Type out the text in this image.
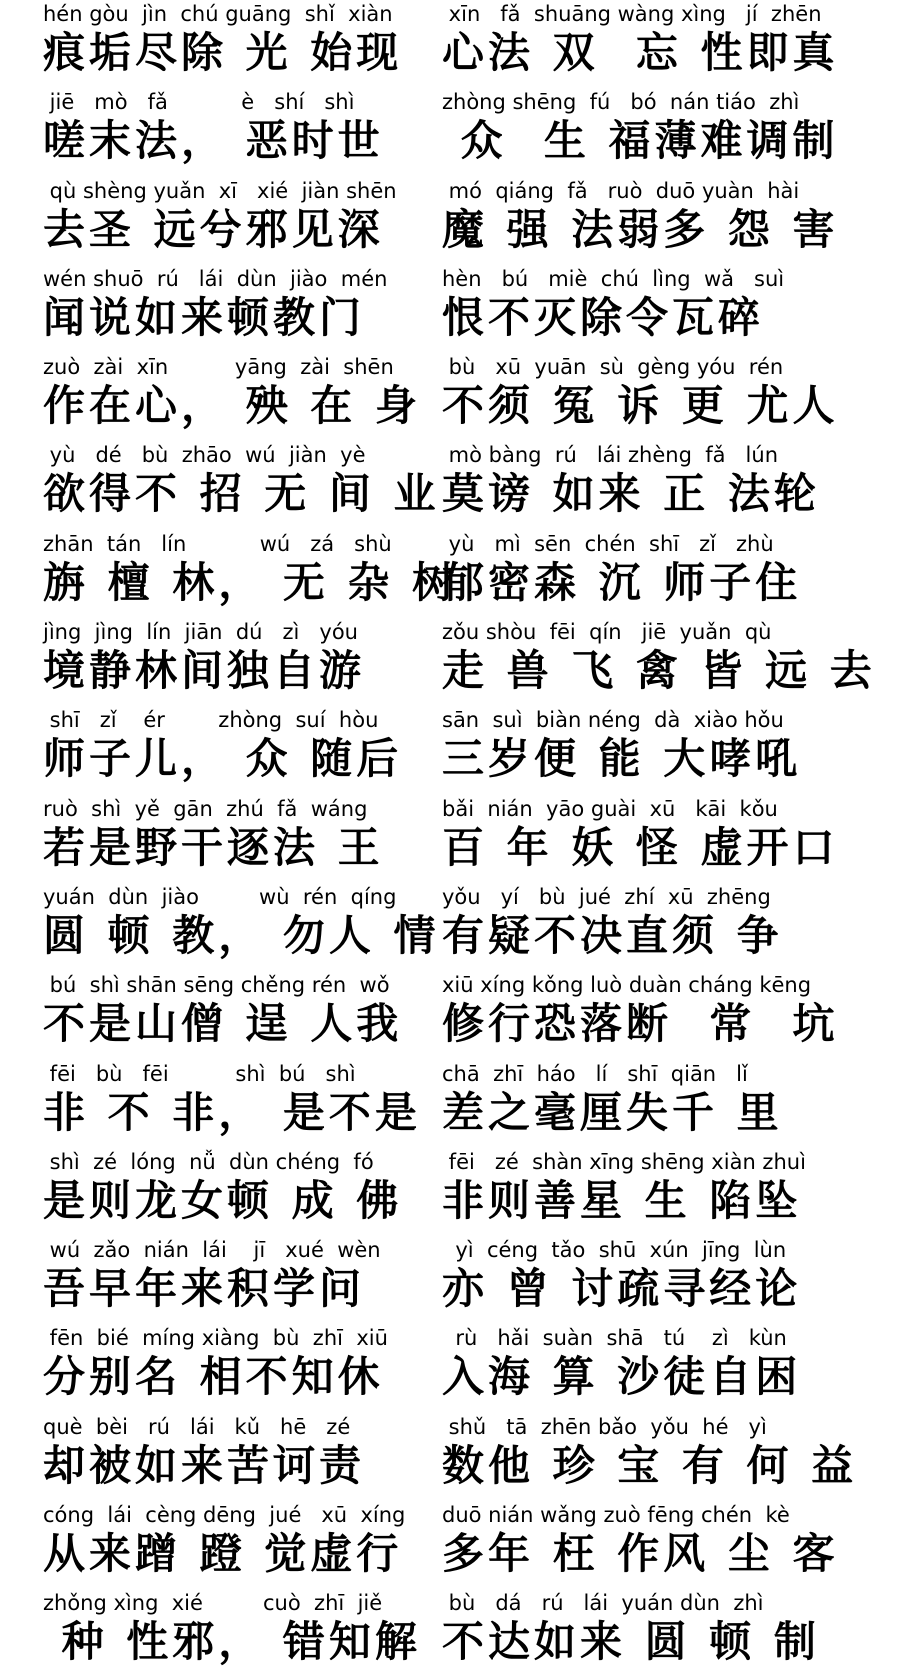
hén gòu  jìn  chú guāng  shǐ  xiàn
痕垢尽除 光 始现
jiē   mò   fǎ           è   shí   shì
嗟末法， 恶时世
qù shèng yuǎn  xī   xié  jiàn shēn
去圣 远兮邪见深
wén shuō  rú   lái  dùn  jiào  mén
闻说如来顿教门
zuò  zài  xīn          yāng  zài  shēn
作在心， 殃 在 身
yù   dé   bù  zhāo  wú  jiàn  yè
欲得不 招 无 间 业
zhān  tán   lín           wú   zá   shù
旃 檀 林， 无 杂 树
jìng  jìng  lín  jiān  dú   zì   yóu
境静林间独自游
shī   zǐ    ér        zhòng  suí  hòu
师子儿， 众 随后
ruò  shì  yě  gān  zhú  fǎ  wáng
若是野干逐法 王
yuán  dùn  jiào         wù  rén  qíng
圆 顿 教， 勿人 情
bú  shì shān sēng chěng rén  wǒ
不是山僧 逞 人我
fēi   bù   fēi          shì  bú   shì
非 不 非， 是不是
shì  zé  lóng  nǚ  dùn chéng  fó
是则龙女顿 成 佛
wú  zǎo  nián  lái    jī   xué  wèn
吾早年来积学问
fēn  bié  míng xiàng  bù  zhī  xiū
分别名 相不知休
què  bèi   rú   lái   kǔ   hē   zé
却被如来苦诃责
cóng  lái  cèng dēng  jué   xū  xíng
从来蹭 蹬 觉虚行
zhǒng xìng  xié         cuò  zhī  jiě
种 性邪， 错知解
xīn   fǎ  shuāng wàng xìng   jí  zhēn
心法 双  忘 性即真
zhòng shēng  fú   bó  nán tiáo  zhì
众  生 福薄难调制
mó  qiáng  fǎ   ruò  duō yuàn  hài
魔 强 法弱多 怨 害
hèn   bú   miè  chú  lìng  wǎ   suì
恨不灭除令瓦碎
bù   xū  yuān  sù  gèng yóu  rén
不须 冤 诉 更 尤人
mò bàng  rú   lái zhèng  fǎ   lún
莫谤 如来 正 法轮
yù   mì  sēn  chén  shī   zǐ   zhù
郁密森 沉 师子住
zǒu shòu  fēi  qín   jiē  yuǎn  qù
走 兽 飞 禽 皆 远 去
sān  suì  biàn néng  dà  xiào hǒu
三岁便 能 大哮吼
bǎi  nián  yāo guài  xū   kāi  kǒu
百 年 妖 怪 虚开口
yǒu   yí   bù  jué  zhí  xū  zhēng
有疑不决直须 争
xiū xíng kǒng luò duàn cháng kēng
修行恐落断  常  坑
chā  zhī  háo   lí   shī  qiān   lǐ
差之毫厘失千 里
fēi   zé  shàn xīng shēng xiàn zhuì
非则善星 生 陷坠
yì  céng  tǎo  shū  xún  jīng  lùn
亦 曾 讨疏寻经论
rù   hǎi  suàn  shā   tú    zì   kùn
入海 算 沙徒自困
shǔ   tā  zhēn bǎo  yǒu  hé   yì
数他 珍 宝 有 何 益
duō nián wǎng zuò fēng chén  kè
多年 枉 作风 尘 客
bù   dá   rú   lái  yuán dùn  zhì
不达如来 圆 顿 制
